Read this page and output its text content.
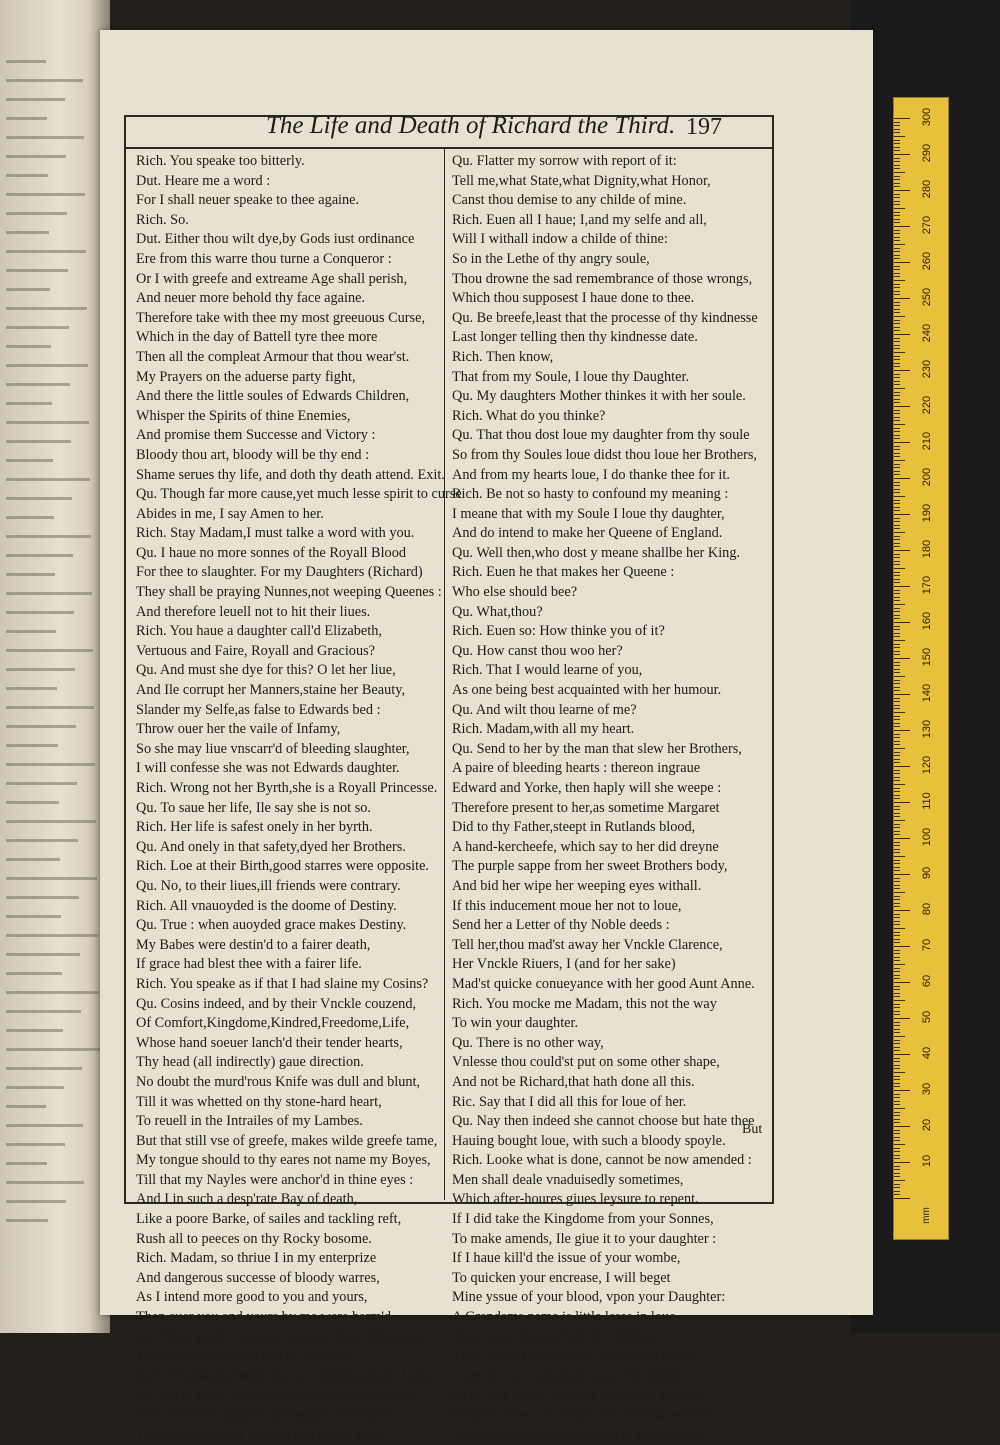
The Life and Death of Richard the Third. 197
Rich. You speake too bitterly.
Dut. Heare me a word :
For I shall neuer speake to thee againe.
Rich. So.
Dut. Either thou wilt dye,by Gods iust ordinance
Ere from this warre thou turne a Conqueror :
Or I with greefe and extreame Age shall perish,
And neuer more behold thy face againe.
Therefore take with thee my most greeuous Curse,
Which in the day of Battell tyre thee more
Then all the compleat Armour that thou wear'st.
My Prayers on the aduerse party fight,
And there the little soules of Edwards Children,
Whisper the Spirits of thine Enemies,
And promise them Successe and Victory :
Bloody thou art, bloody will be thy end :
Shame serues thy life, and doth thy death attend. Exit.
Qu. Though far more cause,yet much lesse spirit to curse
Abides in me, I say Amen to her.
Rich. Stay Madam,I must talke a word with you.
Qu. I haue no more sonnes of the Royall Blood
For thee to slaughter. For my Daughters (Richard)
They shall be praying Nunnes,not weeping Queenes :
And therefore leuell not to hit their liues.
Rich. You haue a daughter call'd Elizabeth,
Vertuous and Faire, Royall and Gracious?
Qu. And must she dye for this? O let her liue,
And Ile corrupt her Manners,staine her Beauty,
Slander my Selfe,as false to Edwards bed :
Throw ouer her the vaile of Infamy,
So she may liue vnscarr'd of bleeding slaughter,
I will confesse she was not Edwards daughter.
Rich. Wrong not her Byrth,she is a Royall Princesse.
Qu. To saue her life, Ile say she is not so.
Rich. Her life is safest onely in her byrth.
Qu. And onely in that safety,dyed her Brothers.
Rich. Loe at their Birth,good starres were opposite.
Qu. No, to their liues,ill friends were contrary.
Rich. All vnauoyded is the doome of Destiny.
Qu. True : when auoyded grace makes Destiny.
My Babes were destin'd to a fairer death,
If grace had blest thee with a fairer life.
Rich. You speake as if that I had slaine my Cosins?
Qu. Cosins indeed, and by their Vnckle couzend,
Of Comfort,Kingdome,Kindred,Freedome,Life,
Whose hand soeuer lanch'd their tender hearts,
Thy head (all indirectly) gaue direction.
No doubt the murd'rous Knife was dull and blunt,
Till it was whetted on thy stone-hard heart,
To reuell in the Intrailes of my Lambes.
But that still vse of greefe, makes wilde greefe tame,
My tongue should to thy eares not name my Boyes,
Till that my Nayles were anchor'd in thine eyes :
And I in such a desp'rate Bay of death,
Like a poore Barke, of sailes and tackling reft,
Rush all to peeces on thy Rocky bosome.
Rich. Madam, so thriue I in my enterprize
And dangerous successe of bloody warres,
As I intend more good to you and yours,
Then euer you and yours by me were harm'd.
Qu. What good is couer'd with the face of heauen,
To be discouered,that can do me good.
Rich. Th'aduancement of your children,gentle Lady
Qu. Vp to some Scaffold,there to lose their heads.
Rich. Vnto the dignity and height of Fortune,
The high Imperiall Type of this earths glory.
Qu. Flatter my sorrow with report of it:
Tell me,what State,what Dignity,what Honor,
Canst thou demise to any childe of mine.
Rich. Euen all I haue; I,and my selfe and all,
Will I withall indow a childe of thine:
So in the Lethe of thy angry soule,
Thou drowne the sad remembrance of those wrongs,
Which thou supposest I haue done to thee.
Qu. Be breefe,least that the processe of thy kindnesse
Last longer telling then thy kindnesse date.
Rich. Then know,
That from my Soule, I loue thy Daughter.
Qu. My daughters Mother thinkes it with her soule.
Rich. What do you thinke?
Qu. That thou dost loue my daughter from thy soule
So from thy Soules loue didst thou loue her Brothers,
And from my hearts loue, I do thanke thee for it.
Rich. Be not so hasty to confound my meaning :
I meane that with my Soule I loue thy daughter,
And do intend to make her Queene of England.
Qu. Well then,who dost y meane shallbe her King.
Rich. Euen he that makes her Queene :
Who else should bee?
Qu. What,thou?
Rich. Euen so: How thinke you of it?
Qu. How canst thou woo her?
Rich. That I would learne of you,
As one being best acquainted with her humour.
Qu. And wilt thou learne of me?
Rich. Madam,with all my heart.
Qu. Send to her by the man that slew her Brothers,
A paire of bleeding hearts : thereon ingraue
Edward and Yorke, then haply will she weepe :
Therefore present to her,as sometime Margaret
Did to thy Father,steept in Rutlands blood,
A hand-kercheefe, which say to her did dreyne
The purple sappe from her sweet Brothers body,
And bid her wipe her weeping eyes withall.
If this inducement moue her not to loue,
Send her a Letter of thy Noble deeds :
Tell her,thou mad'st away her Vnckle Clarence,
Her Vnckle Riuers, I (and for her sake)
Mad'st quicke conueyance with her good Aunt Anne.
Rich. You mocke me Madam, this not the way
To win your daughter.
Qu. There is no other way,
Vnlesse thou could'st put on some other shape,
And not be Richard,that hath done all this.
Ric. Say that I did all this for loue of her.
Qu. Nay then indeed she cannot choose but hate thee
Hauing bought loue, with such a bloody spoyle.
Rich. Looke what is done, cannot be now amended :
Men shall deale vnaduisedly sometimes,
Which after-houres giues leysure to repent.
If I did take the Kingdome from your Sonnes,
To make amends, Ile giue it to your daughter :
If I haue kill'd the issue of your wombe,
To quicken your encrease, I will beget
Mine yssue of your blood, vpon your Daughter:
A Grandams name is little lesse in loue,
Then is the doting Title of a Mother;
They are as Children but one steppe below,
Euen of your mettall,of your very blood :
Of all one paine, saue for a night of groanes
Endur'd of her, for whom you bid like sorrow,
Your Children were vexation to your youth,
But
mm
300
290
280
270
260
250
240
230
220
210
200
190
180
170
160
150
140
130
120
110
100
90
80
70
60
50
40
30
20
10
